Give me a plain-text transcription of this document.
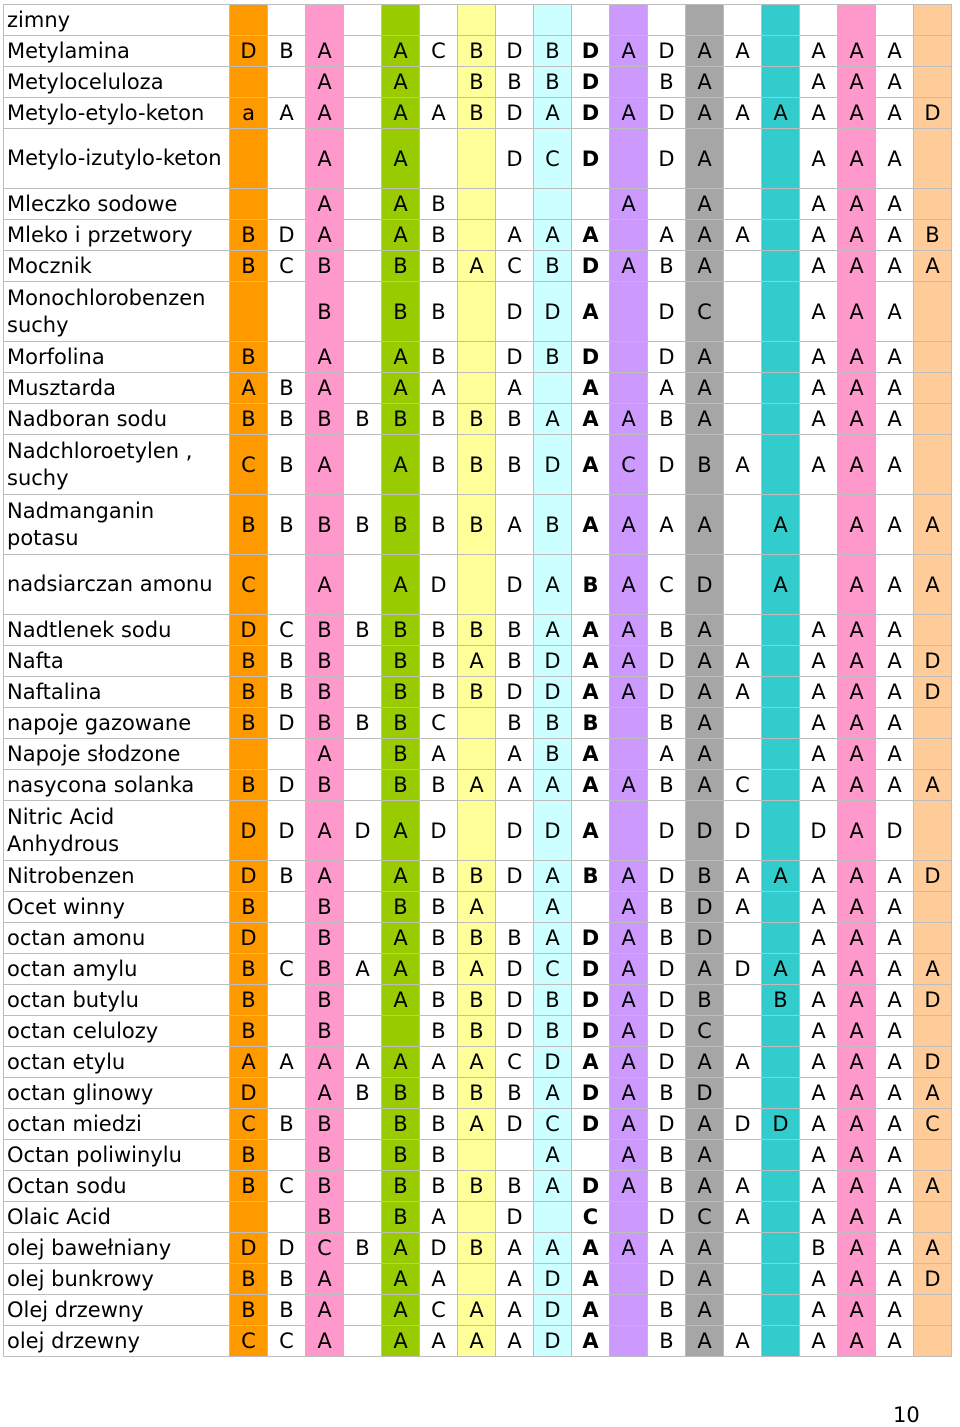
zimny																			
Metylamina	D	B	A		A	C	B	D	B	D	A	D	A	A		A	A	A	
Metyloceluloza			A		A		B	B	B	D		B	A			A	A	A	
Metylo-etylo-keton	a	A	A		A	A	B	D	A	D	A	D	A	A	A	A	A	A	D
Metylo-izutylo-keton			A		A			D	C	D		D	A			A	A	A	
Mleczko sodowe			A		A	B					A		A			A	A	A	
Mleko i przetwory	B	D	A		A	B		A	A	A		A	A	A		A	A	A	B
Mocznik	B	C	B		B	B	A	C	B	D	A	B	A			A	A	A	A
Monochlorobenzen suchy			B		B	B		D	D	A		D	C			A	A	A	
Morfolina	B		A		A	B		D	B	D		D	A			A	A	A	
Musztarda	A	B	A		A	A		A		A		A	A			A	A	A	
Nadboran sodu	B	B	B	B	B	B	B	B	A	A	A	B	A			A	A	A	
Nadchloroetylen , suchy	C	B	A		A	B	B	B	D	A	C	D	B	A		A	A	A	
Nadmanganin potasu	B	B	B	B	B	B	B	A	B	A	A	A	A		A		A	A	A
nadsiarczan amonu	C		A		A	D		D	A	B	A	C	D		A		A	A	A
Nadtlenek sodu	D	C	B	B	B	B	B	B	A	A	A	B	A			A	A	A	
Nafta	B	B	B		B	B	A	B	D	A	A	D	A	A		A	A	A	D
Naftalina	B	B	B		B	B	B	D	D	A	A	D	A	A		A	A	A	D
napoje gazowane	B	D	B	B	B	C		B	B	B		B	A			A	A	A	
Napoje słodzone			A		B	A		A	B	A		A	A			A	A	A	
nasycona solanka	B	D	B		B	B	A	A	A	A	A	B	A	C		A	A	A	A
Nitric Acid Anhydrous	D	D	A	D	A	D		D	D	A		D	D	D		D	A	D	
Nitrobenzen	D	B	A		A	B	B	D	A	B	A	D	B	A	A	A	A	A	D
Ocet winny	B		B		B	B	A		A		A	B	D	A		A	A	A	
octan amonu	D		B		A	B	B	B	A	D	A	B	D			A	A	A	
octan amylu	B	C	B	A	A	B	A	D	C	D	A	D	A	D	A	A	A	A	A
octan butylu	B		B		A	B	B	D	B	D	A	D	B		B	A	A	A	D
octan celulozy	B		B			B	B	D	B	D	A	D	C			A	A	A	
octan etylu	A	A	A	A	A	A	A	C	D	A	A	D	A	A		A	A	A	D
octan glinowy	D		A	B	B	B	B	B	A	D	A	B	D			A	A	A	A
octan miedzi	C	B	B		B	B	A	D	C	D	A	D	A	D	D	A	A	A	C
Octan poliwinylu	B		B		B	B			A		A	B	A			A	A	A	
Octan sodu	B	C	B		B	B	B	B	A	D	A	B	A	A		A	A	A	A
Olaic Acid			B		B	A		D		C		D	C	A		A	A	A	
olej bawełniany	D	D	C	B	A	D	B	A	A	A	A	A	A			B	A	A	A
olej bunkrowy	B	B	A		A	A		A	D	A		D	A			A	A	A	D
Olej drzewny	B	B	A		A	C	A	A	D	A		B	A			A	A	A	
olej drzewny	C	C	A		A	A	A	A	D	A		B	A	A		A	A	A	
10
